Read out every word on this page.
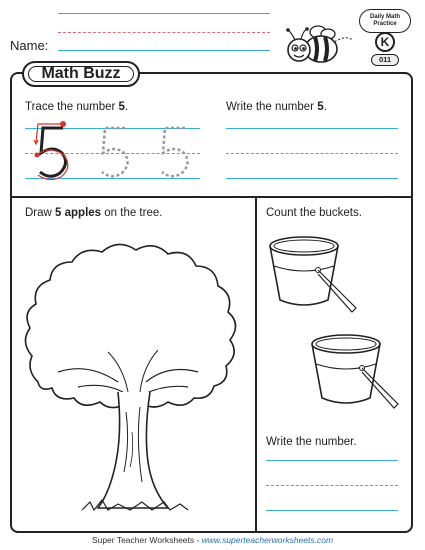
Name:
Daily Math Practice
K
011
Math Buzz
Trace the number 5.	Write the number 5.
Draw 5 apples on the tree.	Count the buckets.
Write the number.
Super Teacher Worksheets - www.superteacherworksheets.com
